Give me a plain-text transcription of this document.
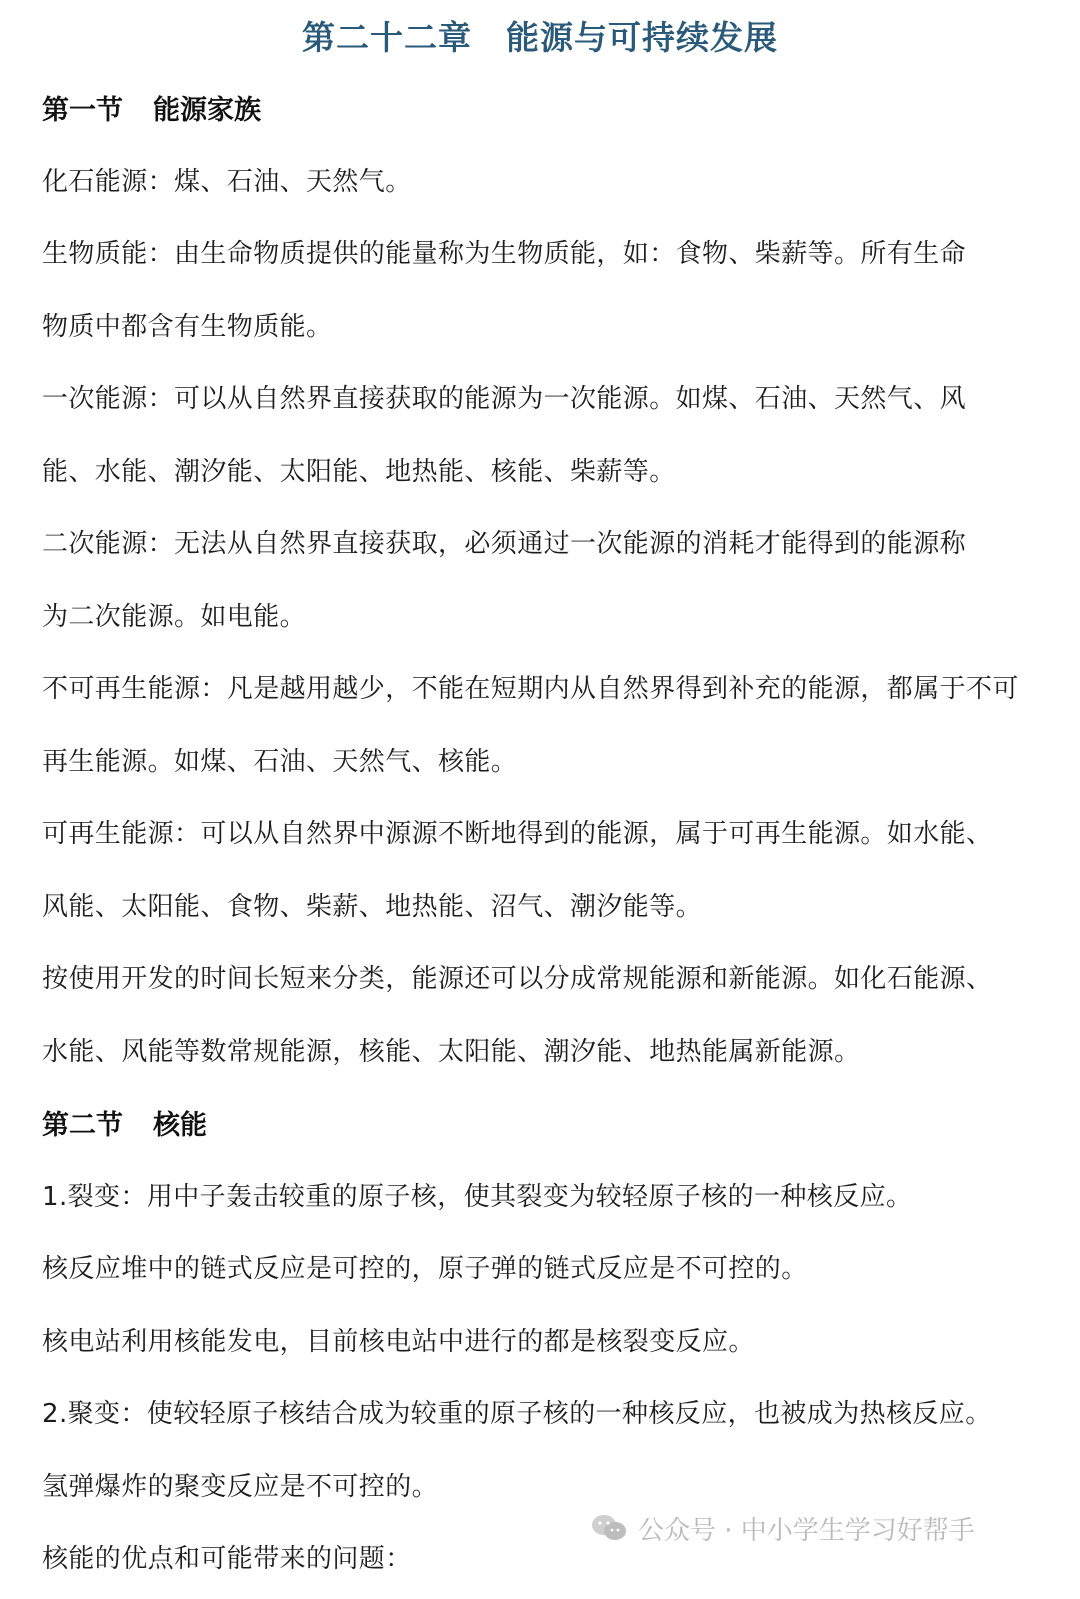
第二十二章 能源与可持续发展
第一节 能源家族
化石能源：煤、石油、天然气。
生物质能：由生命物质提供的能量称为生物质能，如：食物、柴薪等。所有生命
物质中都含有生物质能。
一次能源：可以从自然界直接获取的能源为一次能源。如煤、石油、天然气、风
能、水能、潮汐能、太阳能、地热能、核能、柴薪等。
二次能源：无法从自然界直接获取，必须通过一次能源的消耗才能得到的能源称
为二次能源。如电能。
不可再生能源：凡是越用越少，不能在短期内从自然界得到补充的能源，都属于不可
再生能源。如煤、石油、天然气、核能。
可再生能源：可以从自然界中源源不断地得到的能源，属于可再生能源。如水能、
风能、太阳能、食物、柴薪、地热能、沼气、潮汐能等。
按使用开发的时间长短来分类，能源还可以分成常规能源和新能源。如化石能源、
水能、风能等数常规能源，核能、太阳能、潮汐能、地热能属新能源。
第二节 核能
1.裂变：用中子轰击较重的原子核，使其裂变为较轻原子核的一种核反应。
核反应堆中的链式反应是可控的，原子弹的链式反应是不可控的。
核电站利用核能发电，目前核电站中进行的都是核裂变反应。
2.聚变：使较轻原子核结合成为较重的原子核的一种核反应，也被成为热核反应。
氢弹爆炸的聚变反应是不可控的。
核能的优点和可能带来的问题：
公众号 · 中小学生学习好帮手
